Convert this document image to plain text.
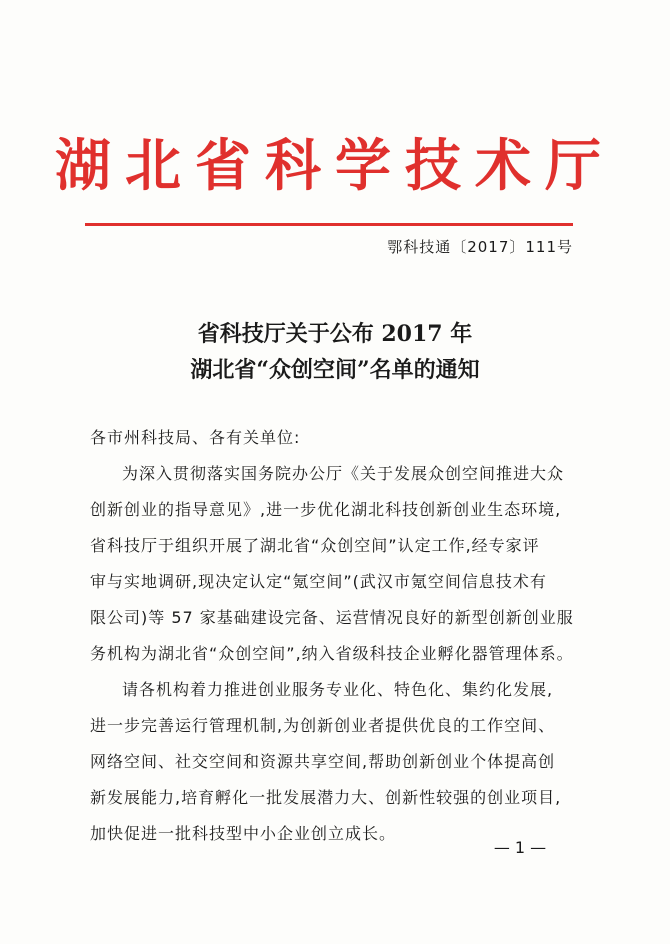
湖北省科学技术厅
鄂科技通〔2017〕111号
省科技厅关于公布 2017 年
湖北省“众创空间”名单的通知
各市州科技局、各有关单位:
为深入贯彻落实国务院办公厅《关于发展众创空间推进大众
创新创业的指导意见》,进一步优化湖北科技创新创业生态环境,
省科技厅于组织开展了湖北省“众创空间”认定工作,经专家评
审与实地调研,现决定认定“氪空间”(武汉市氪空间信息技术有
限公司)等 57 家基础建设完备、运营情况良好的新型创新创业服
务机构为湖北省“众创空间”,纳入省级科技企业孵化器管理体系。
请各机构着力推进创业服务专业化、特色化、集约化发展,
进一步完善运行管理机制,为创新创业者提供优良的工作空间、
网络空间、社交空间和资源共享空间,帮助创新创业个体提高创
新发展能力,培育孵化一批发展潜力大、创新性较强的创业项目,
加快促进一批科技型中小企业创立成长。
— 1 —
